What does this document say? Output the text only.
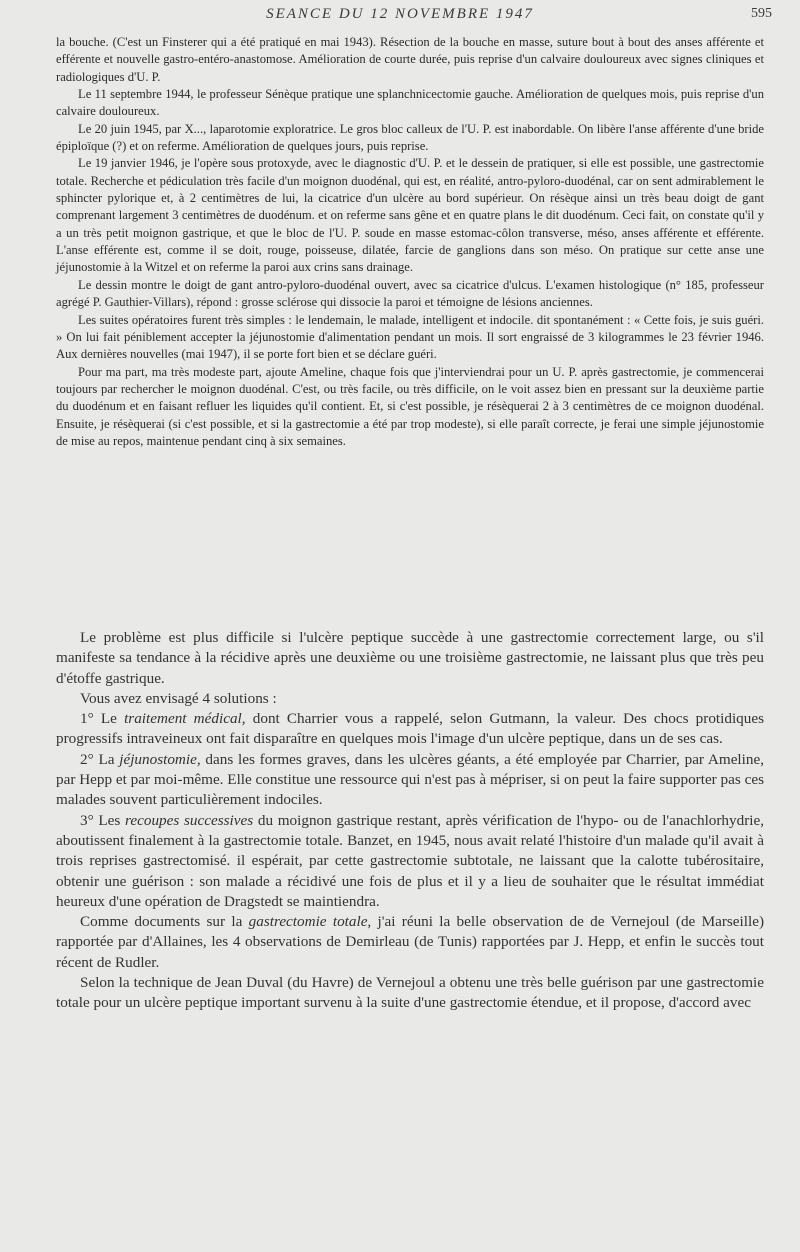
SEANCE DU 12 NOVEMBRE 1947	595

la bouche. (C'est un Finsterer qui a été pratiqué en mai 1943). Résection de la bouche en masse, suture bout à bout des anses afférente et efférente et nouvelle gastro-entéro-anastomose. Amélioration de courte durée, puis reprise d'un calvaire douloureux avec signes cliniques et radiologiques d'U. P.

Le 11 septembre 1944, le professeur Sénèque pratique une splanchnicectomie gauche. Amélioration de quelques mois, puis reprise d'un calvaire douloureux.

Le 20 juin 1945, par X..., laparotomie exploratrice. Le gros bloc calleux de l'U. P. est inabordable. On libère l'anse afférente d'une bride épiploïque (?) et on referme. Amélioration de quelques jours, puis reprise.

Le 19 janvier 1946, je l'opère sous protoxyde, avec le diagnostic d'U. P. et le dessein de pratiquer, si elle est possible, une gastrectomie totale. Recherche et pédiculation très facile d'un moignon duodénal, qui est, en réalité, antro-pyloro-duodénal, car on sent admirablement le sphincter pylorique et, à 2 centimètres de lui, la cicatrice d'un ulcère au bord supérieur. On résèque ainsi un très beau doigt de gant comprenant largement 3 centimètres de duodénum. et on referme sans gêne et en quatre plans le dit duodénum. Ceci fait, on constate qu'il y a un très petit moignon gastrique, et que le bloc de l'U. P. soude en masse estomac-côlon transverse, méso, anses afférente et efférente. L'anse efférente est, comme il se doit, rouge, poisseuse, dilatée, farcie de ganglions dans son méso. On pratique sur cette anse une jéjunostomie à la Witzel et on referme la paroi aux crins sans drainage.

Le dessin montre le doigt de gant antro-pyloro-duodénal ouvert, avec sa cicatrice d'ulcus. L'examen histologique (n° 185, professeur agrégé P. Gauthier-Villars), répond : grosse sclérose qui dissocie la paroi et témoigne de lésions anciennes.

Les suites opératoires furent très simples : le lendemain, le malade, intelligent et indocile. dit spontanément : « Cette fois, je suis guéri. » On lui fait péniblement accepter la jéjunostomie d'alimentation pendant un mois. Il sort engraissé de 3 kilogrammes le 23 février 1946. Aux dernières nouvelles (mai 1947), il se porte fort bien et se déclare guéri.

Pour ma part, ma très modeste part, ajoute Ameline, chaque fois que j'interviendrai pour un U. P. après gastrectomie, je commencerai toujours par rechercher le moignon duodénal. C'est, ou très facile, ou très difficile, on le voit assez bien en pressant sur la deuxième partie du duodénum et en faisant refluer les liquides qu'il contient. Et, si c'est possible, je résèquerai 2 à 3 centimètres de ce moignon duodénal. Ensuite, je résèquerai (si c'est possible, et si la gastrectomie a été par trop modeste), si elle paraît correcte, je ferai une simple jéjunostomie de mise au repos, maintenue pendant cinq à six semaines.

Le problème est plus difficile si l'ulcère peptique succède à une gastrectomie correctement large, ou s'il manifeste sa tendance à la récidive après une deuxième ou une troisième gastrectomie, ne laissant plus que très peu d'étoffe gastrique.

Vous avez envisagé 4 solutions :

1° Le traitement médical, dont Charrier vous a rappelé, selon Gutmann, la valeur. Des chocs protidiques progressifs intraveineux ont fait disparaître en quelques mois l'image d'un ulcère peptique, dans un de ses cas.

2° La jéjunostomie, dans les formes graves, dans les ulcères géants, a été employée par Charrier, par Ameline, par Hepp et par moi-même. Elle constitue une ressource qui n'est pas à mépriser, si on peut la faire supporter pas ces malades souvent particulièrement indociles.

3° Les recoupes successives du moignon gastrique restant, après vérification de l'hypo- ou de l'anachlorhydrie, aboutissent finalement à la gastrectomie totale. Banzet, en 1945, nous avait relaté l'histoire d'un malade qu'il avait à trois reprises gastrectomisé. il espérait, par cette gastrectomie subtotale, ne laissant que la calotte tubérositaire, obtenir une guérison : son malade a récidivé une fois de plus et il y a lieu de souhaiter que le résultat immédiat heureux d'une opération de Dragstedt se maintiendra.

Comme documents sur la gastrectomie totale, j'ai réuni la belle observation de de Vernejoul (de Marseille) rapportée par d'Allaines, les 4 observations de Demirleau (de Tunis) rapportées par J. Hepp, et enfin le succès tout récent de Rudler.

Selon la technique de Jean Duval (du Havre) de Vernejoul a obtenu une très belle guérison par une gastrectomie totale pour un ulcère peptique important survenu à la suite d'une gastrectomie étendue, et il propose, d'accord avec
